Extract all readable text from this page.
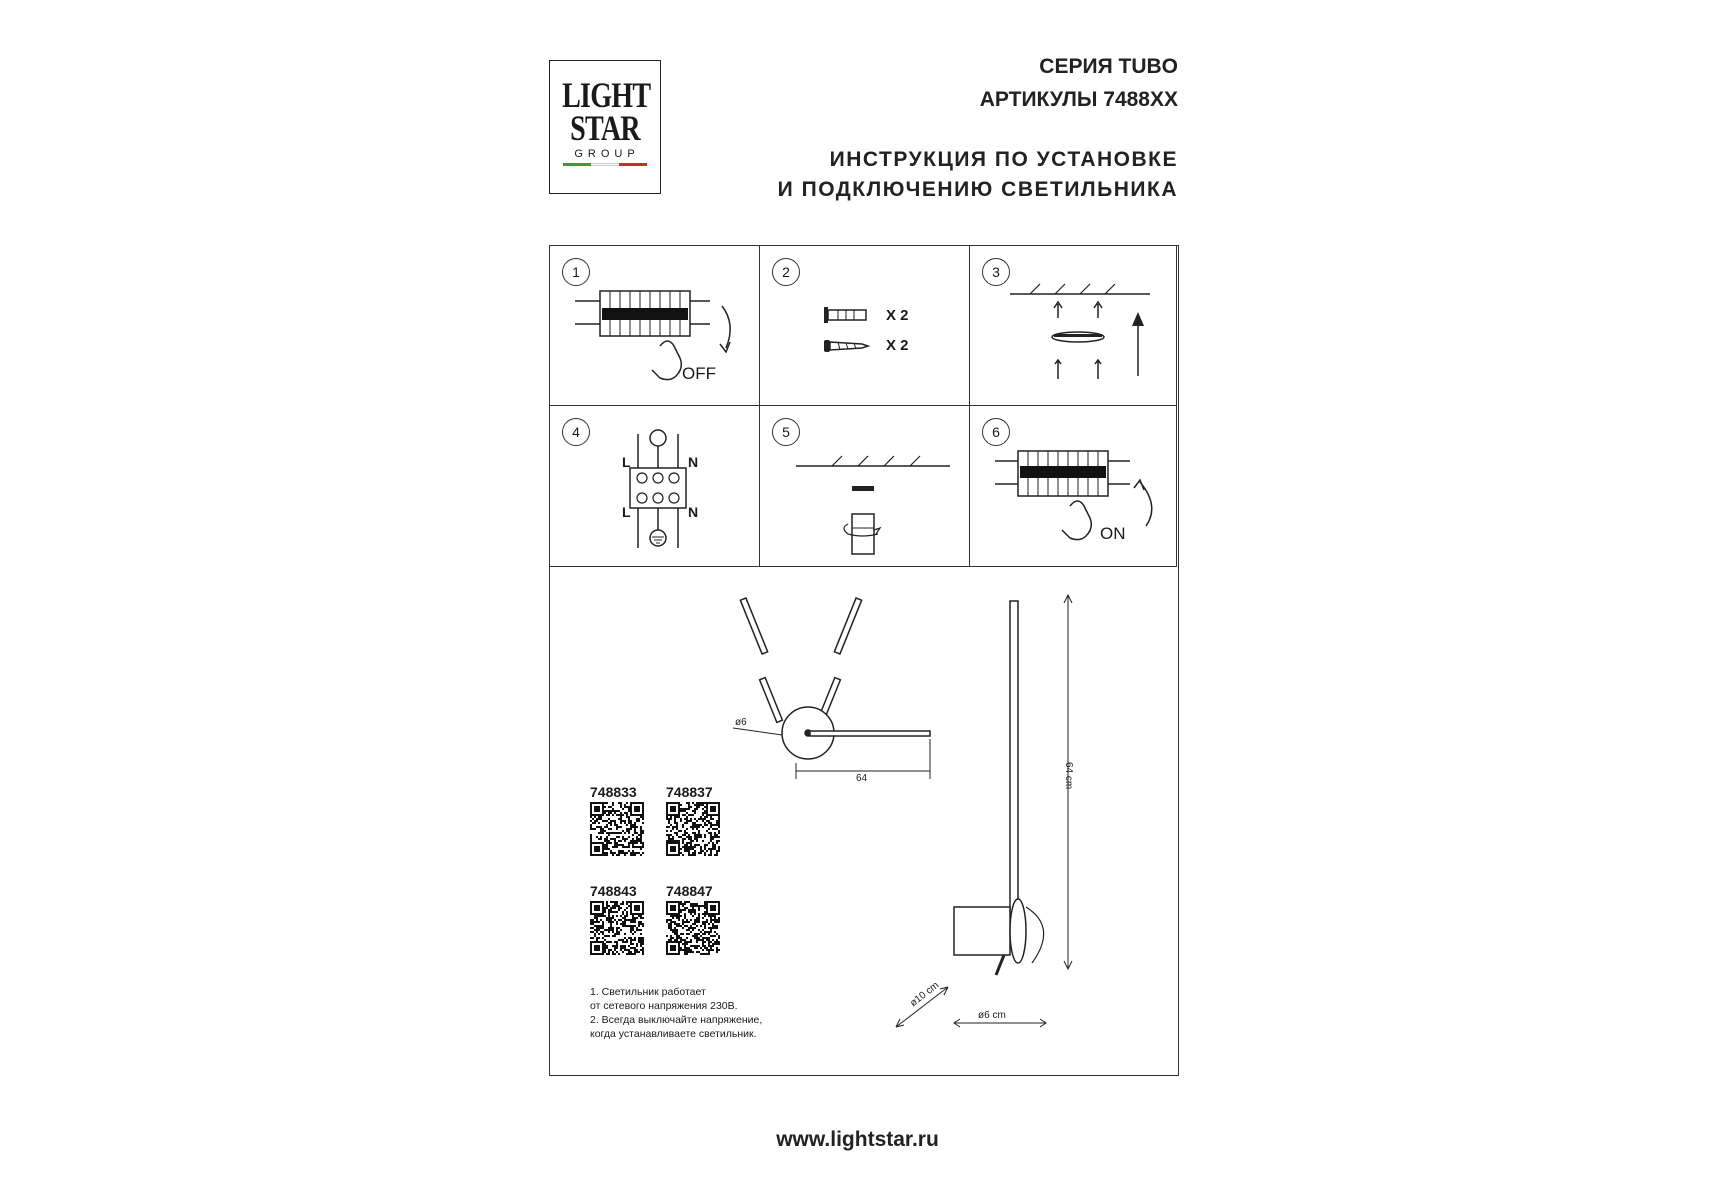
LIGHT
STAR
GROUP
СЕРИЯ TUBO
АРТИКУЛЫ 7488XX
ИНСТРУКЦИЯ ПО УСТАНОВКЕ
И ПОДКЛЮЧЕНИЮ СВЕТИЛЬНИКА
1
OFF
2
X 2
X 2
3
4
L	N
L	N
5	6
ON
ø6
64	64 cm
ø10 cm
ø6 cm
748833 748837
748843 748847
1. Светильник работает
от сетевого напряжения 230В.
2. Всегда выключайте напряжение,
когда устанавливаете светильник.
www.lightstar.ru
